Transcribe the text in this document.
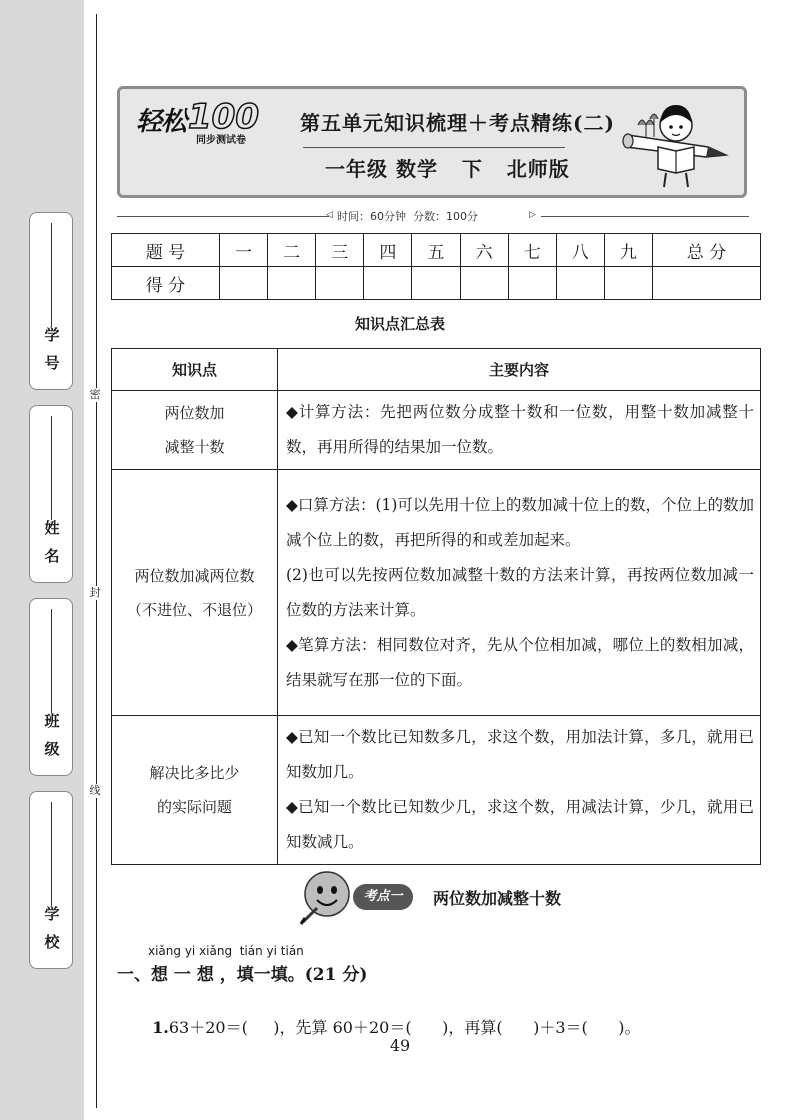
学号
姓名
班级
学校
密
封
线
轻松 100
同步测试卷
第五单元知识梳理＋考点精练(二)
一年级 数学   下   北师版
◁ 时间：60分钟  分数：100分	▷
题 号	一	二	三	四	五	六	七	八	九	总 分
得 分										
知识点汇总表
知识点	主要内容

两位数加
减整十数	◆计算方法：先把两位数分成整十数和一位数，用整十数加减整十数，再用所得的结果加一位数。

两位数加减两位数
（不进位、不退位）	◆口算方法：(1)可以先用十位上的数加减十位上的数，个位上的数加减个位上的数，再把所得的和或差加起来。
(2)也可以先按两位数加减整十数的方法来计算，再按两位数加减一位数的方法来计算。
◆笔算方法：相同数位对齐，先从个位相加减，哪位上的数相加减，结果就写在那一位的下面。

解决比多比少
的实际问题	◆已知一个数比已知数多几，求这个数，用加法计算，多几，就用已知数加几。
◆已知一个数比已知数少几，求这个数，用减法计算，少几，就用已知数减几。
考点一	两位数加减整十数
xiǎng yi xiǎng  tián yi tián
一、想 一 想 ，填一填。(21 分)

1.63＋20＝(     )，先算 60＋20＝(      )，再算(      )＋3＝(      )。

49
